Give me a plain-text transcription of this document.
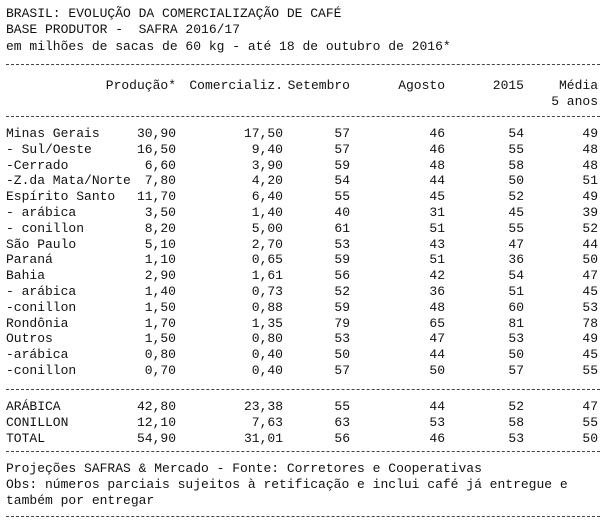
BRASIL: EVOLUÇÃO DA COMERCIALIZAÇÃO DE CAFÉ
BASE PRODUTOR -  SAFRA 2016/17
em milhões de sacas de 60 kg - até 18 de outubro de 2016*
Produção* Comercializ. Setembro	Agosto	2015	Média
5 anos
Minas Gerais	30,90	17,50	57	46	54	49
- Sul/Oeste	16,50	9,40	57	46	55	48
-Cerrado	6,60	3,90	59	48	58	48
-Z.da Mata/Norte 7,80	4,20	54	44	50	51
Espírito Santo 11,70	6,40	55	45	52	49
- arábica	3,50	1,40	40	31	45	39
- conillon	8,20	5,00	61	51	55	52
São Paulo	5,10	2,70	53	43	47	44
Paraná	1,10	0,65	59	51	36	50
Bahia	2,90	1,61	56	42	54	47
- arábica	1,40	0,73	52	36	51	45
-conillon	1,50	0,88	59	48	60	53
Rondônia	1,70	1,35	79	65	81	78
Outros	1,50	0,80	53	47	53	49
-arábica	0,80	0,40	50	44	50	45
-conillon	0,70	0,40	57	50	57	55
ARÁBICA	42,80	23,38	55	44	52	47
CONILLON	12,10	7,63	63	53	58	55
TOTAL	54,90	31,01	56	46	53	50
Projeções SAFRAS & Mercado - Fonte: Corretores e Cooperativas
Obs: números parciais sujeitos à retificação e inclui café já entregue e
também por entregar
